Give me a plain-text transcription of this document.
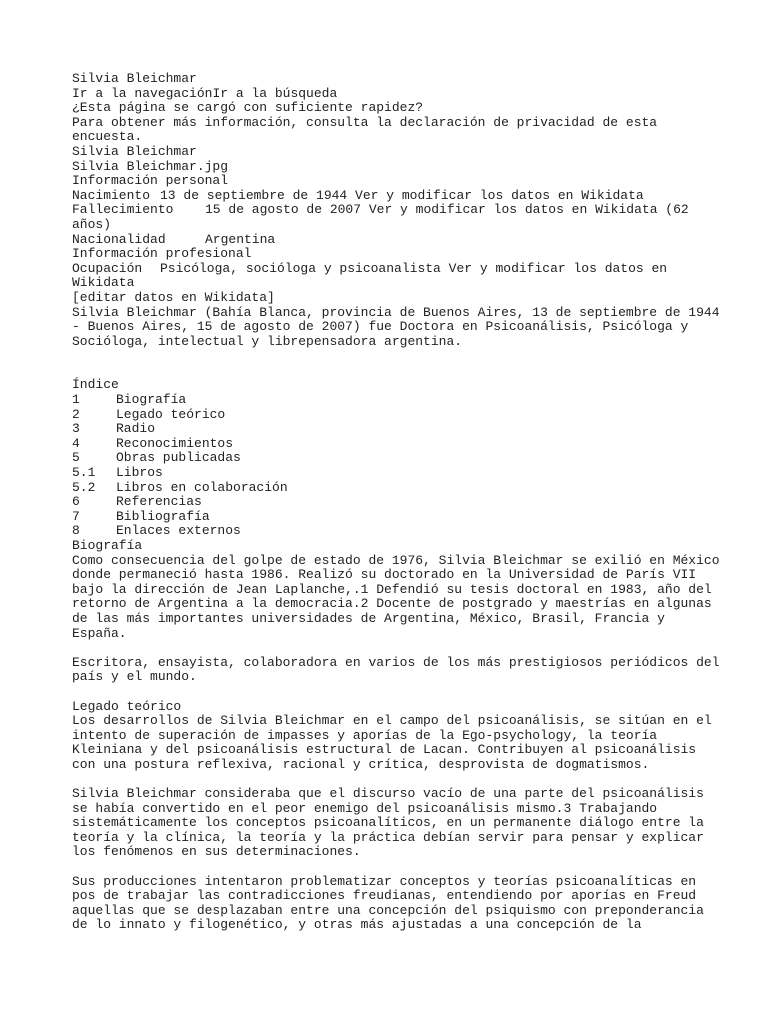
Silvia Bleichmar
Ir a la navegaciónIr a la búsqueda
¿Esta página se cargó con suficiente rapidez?
Para obtener más información, consulta la declaración de privacidad de esta
encuesta.
Silvia Bleichmar
Silvia Bleichmar.jpg
Información personal
Nacimiento 13 de septiembre de 1944 Ver y modificar los datos en Wikidata
Fallecimiento 15 de agosto de 2007 Ver y modificar los datos en Wikidata (62
años)
Nacionalidad	Argentina
Información profesional
Ocupación Psicóloga, socióloga y psicoanalista Ver y modificar los datos en
Wikidata
[editar datos en Wikidata]
Silvia Bleichmar (Bahía Blanca, provincia de Buenos Aires, 13 de septiembre de 1944
- Buenos Aires, 15 de agosto de 2007) fue Doctora en Psicoanálisis, Psicóloga y
Socióloga, intelectual y librepensadora argentina.
Índice
1	Biografía
2	Legado teórico
3	Radio
4	Reconocimientos
5	Obras publicadas
5.1	Libros
5.2	Libros en colaboración
6	Referencias
7	Bibliografía
8	Enlaces externos
Biografía
Como consecuencia del golpe de estado de 1976, Silvia Bleichmar se exilió en México
donde permaneció hasta 1986. Realizó su doctorado en la Universidad de París VII
bajo la dirección de Jean Laplanche,.1 Defendió su tesis doctoral en 1983, año del
retorno de Argentina a la democracia.2 Docente de postgrado y maestrías en algunas
de las más importantes universidades de Argentina, México, Brasil, Francia y
España.
Escritora, ensayista, colaboradora en varios de los más prestigiosos periódicos del
país y el mundo.
Legado teórico
Los desarrollos de Silvia Bleichmar en el campo del psicoanálisis, se sitúan en el
intento de superación de impasses y aporías de la Ego-psychology, la teoría
Kleiniana y del psicoanálisis estructural de Lacan. Contribuyen al psicoanálisis
con una postura reflexiva, racional y crítica, desprovista de dogmatismos.
Silvia Bleichmar consideraba que el discurso vacío de una parte del psicoanálisis
se había convertido en el peor enemigo del psicoanálisis mismo.3 Trabajando
sistemáticamente los conceptos psicoanalíticos, en un permanente diálogo entre la
teoría y la clínica, la teoría y la práctica debían servir para pensar y explicar
los fenómenos en sus determinaciones.
Sus producciones intentaron problematizar conceptos y teorías psicoanalíticas en
pos de trabajar las contradicciones freudianas, entendiendo por aporías en Freud
aquellas que se desplazaban entre una concepción del psiquismo con preponderancia
de lo innato y filogenético, y otras más ajustadas a una concepción de la
